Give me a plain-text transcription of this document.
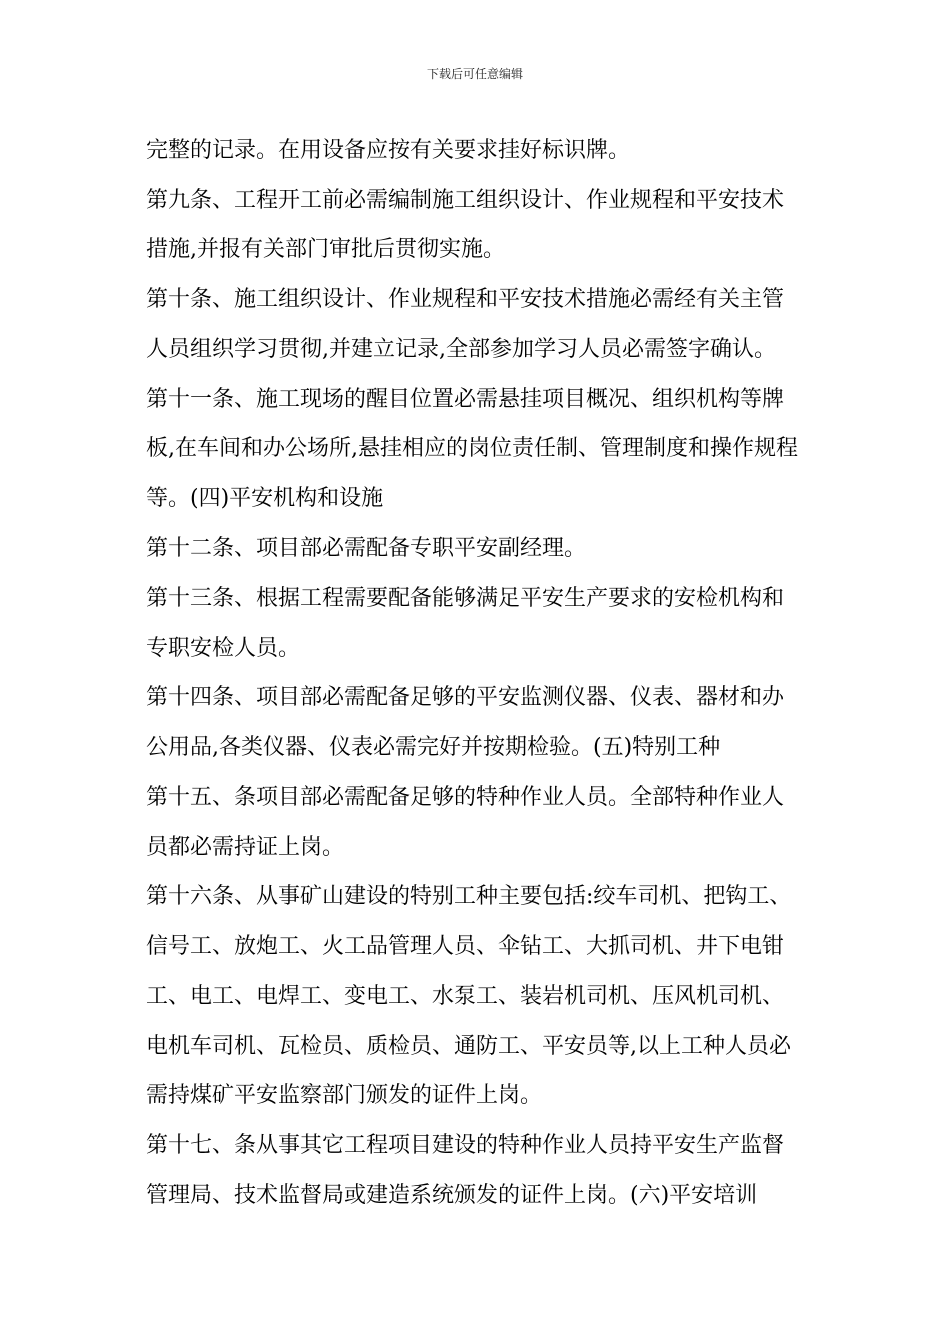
下载后可任意编辑
完整的记录。在用设备应按有关要求挂好标识牌。
第九条、工程开工前必需编制施工组织设计、作业规程和平安技术
措施,并报有关部门审批后贯彻实施。
第十条、施工组织设计、作业规程和平安技术措施必需经有关主管
人员组织学习贯彻,并建立记录,全部参加学习人员必需签字确认。
第十一条、施工现场的醒目位置必需悬挂项目概况、组织机构等牌
板,在车间和办公场所,悬挂相应的岗位责任制、管理制度和操作规程
等。(四)平安机构和设施
第十二条、项目部必需配备专职平安副经理。
第十三条、根据工程需要配备能够满足平安生产要求的安检机构和
专职安检人员。
第十四条、项目部必需配备足够的平安监测仪器、仪表、器材和办
公用品,各类仪器、仪表必需完好并按期检验。(五)特别工种
第十五、条项目部必需配备足够的特种作业人员。全部特种作业人
员都必需持证上岗。
第十六条、从事矿山建设的特别工种主要包括:绞车司机、把钩工、
信号工、放炮工、火工品管理人员、伞钻工、大抓司机、井下电钳
工、电工、电焊工、变电工、水泵工、装岩机司机、压风机司机、
电机车司机、瓦检员、质检员、通防工、平安员等,以上工种人员必
需持煤矿平安监察部门颁发的证件上岗。
第十七、条从事其它工程项目建设的特种作业人员持平安生产监督
管理局、技术监督局或建造系统颁发的证件上岗。(六)平安培训
